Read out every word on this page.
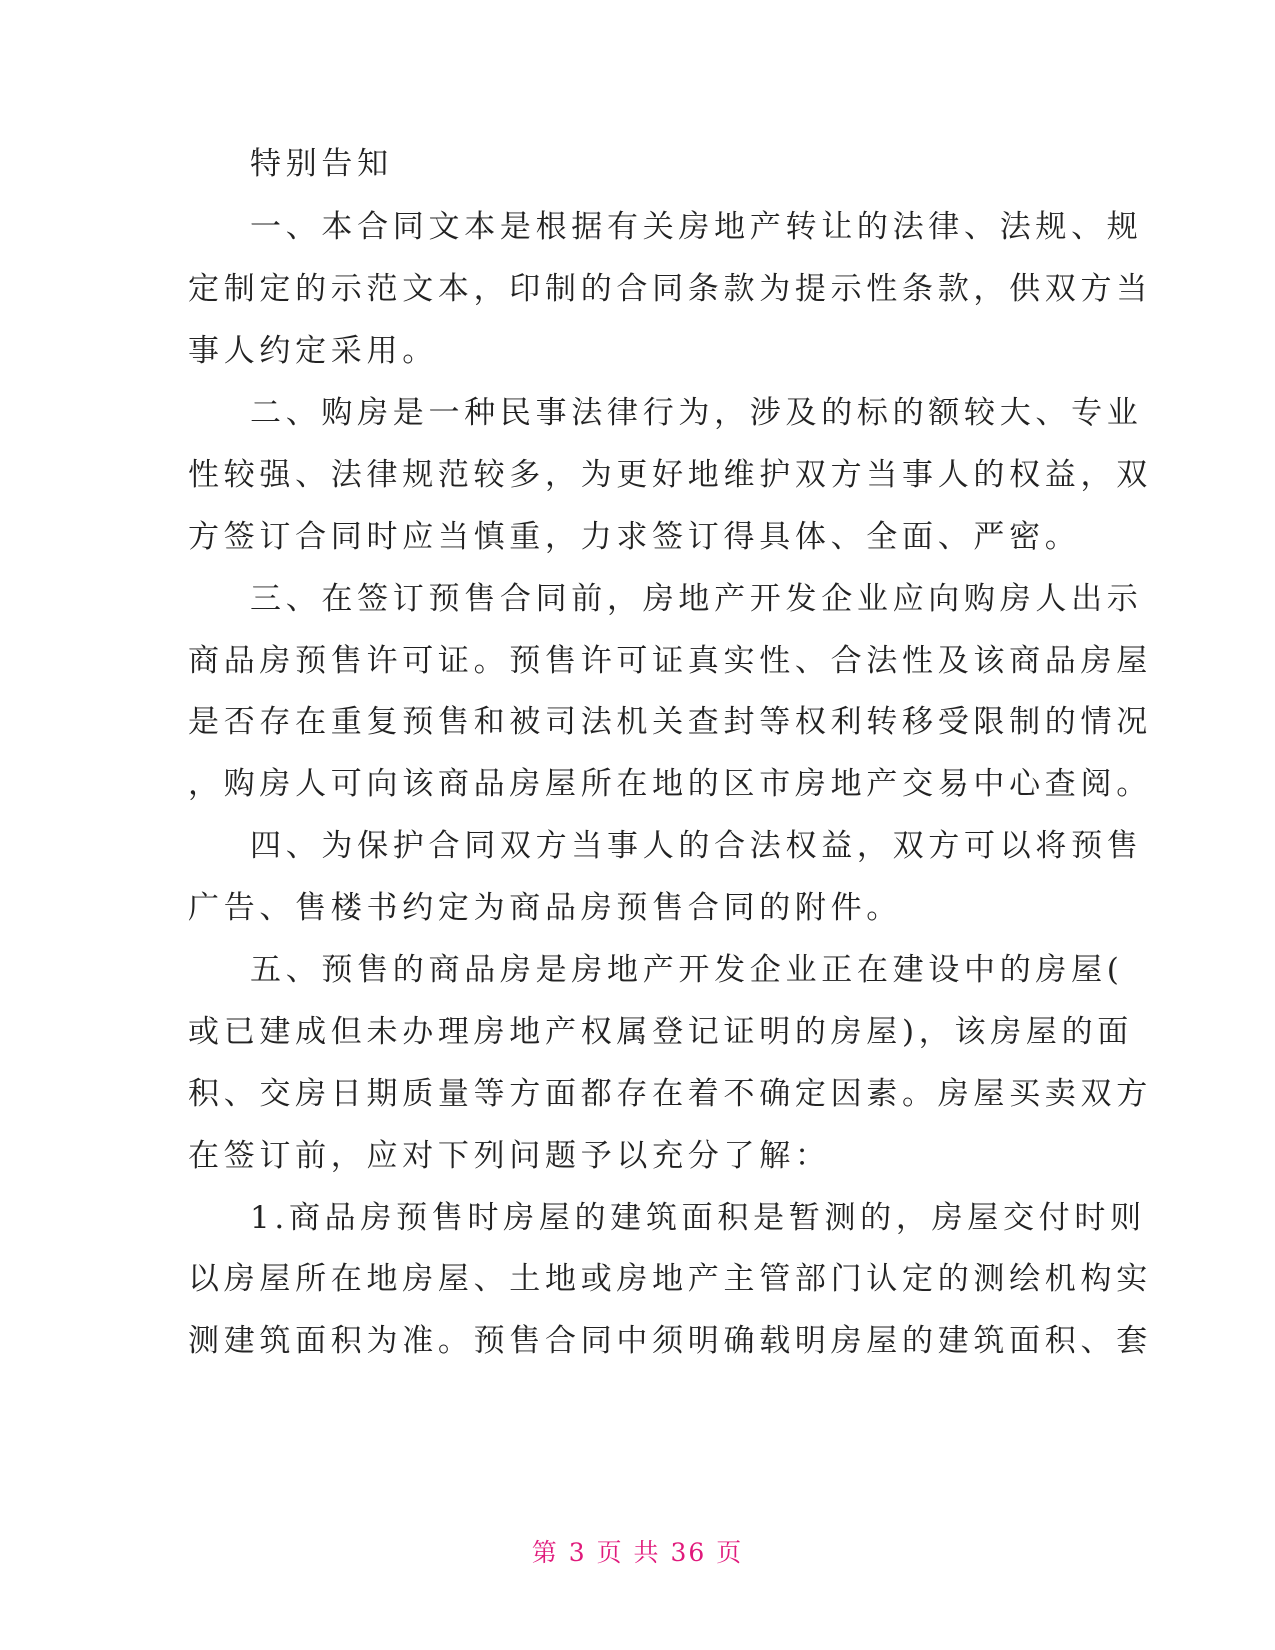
特别告知
一、本合同文本是根据有关房地产转让的法律、法规、规
定制定的示范文本，印制的合同条款为提示性条款，供双方当
事人约定采用。
二、购房是一种民事法律行为，涉及的标的额较大、专业
性较强、法律规范较多，为更好地维护双方当事人的权益，双
方签订合同时应当慎重，力求签订得具体、全面、严密。
三、在签订预售合同前，房地产开发企业应向购房人出示
商品房预售许可证。预售许可证真实性、合法性及该商品房屋
是否存在重复预售和被司法机关查封等权利转移受限制的情况
，购房人可向该商品房屋所在地的区市房地产交易中心查阅。
四、为保护合同双方当事人的合法权益，双方可以将预售
广告、售楼书约定为商品房预售合同的附件。
五、预售的商品房是房地产开发企业正在建设中的房屋(
或已建成但未办理房地产权属登记证明的房屋)，该房屋的面
积、交房日期质量等方面都存在着不确定因素。房屋买卖双方
在签订前，应对下列问题予以充分了解：
1.商品房预售时房屋的建筑面积是暂测的，房屋交付时则
以房屋所在地房屋、土地或房地产主管部门认定的测绘机构实
测建筑面积为准。预售合同中须明确载明房屋的建筑面积、套
第 3 页 共 36 页
